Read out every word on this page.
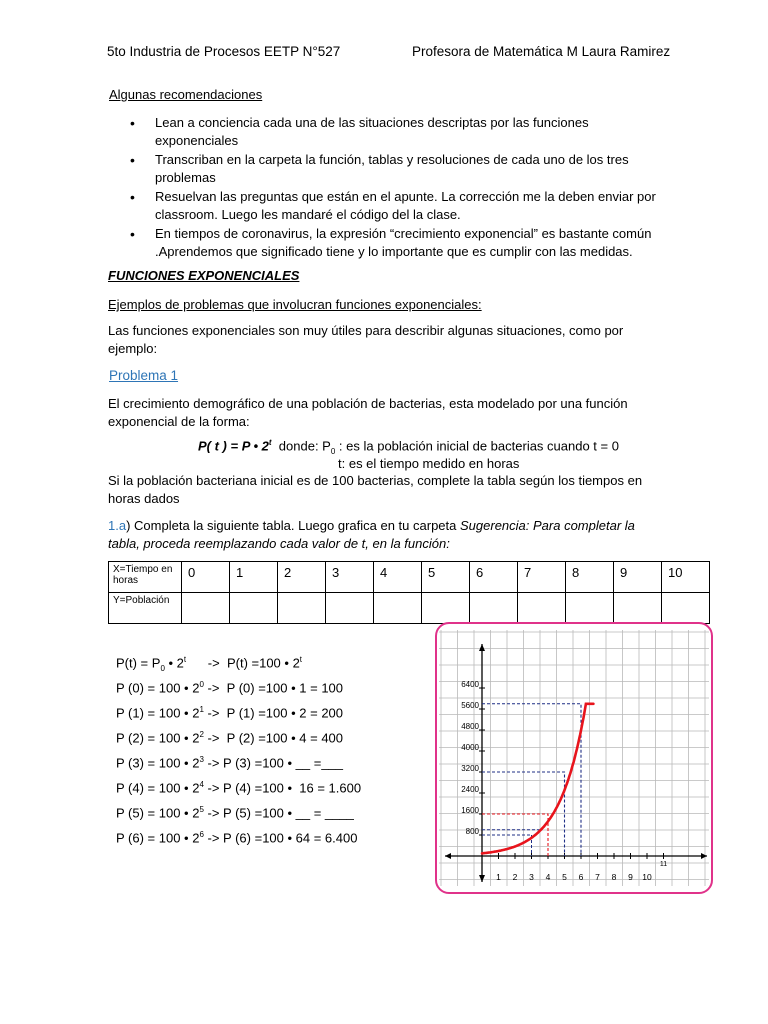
5to Industria de Procesos EETP N°527	Profesora de Matemática M Laura Ramirez
Algunas recomendaciones
• Lean a conciencia cada una de las situaciones descriptas por las funciones exponenciales
• Transcriban en la carpeta la función, tablas y resoluciones de cada uno de los tres problemas
• Resuelvan las preguntas que están en el apunte. La corrección me la deben enviar por classroom. Luego les mandaré el código del la clase.
• En tiempos de coronavirus, la expresión “crecimiento exponencial” es bastante común .Aprendemos que significado tiene y lo importante que es cumplir con las medidas.
FUNCIONES EXPONENCIALES
Ejemplos de problemas que involucran funciones exponenciales:
Las funciones exponenciales son muy útiles para describir algunas situaciones, como por ejemplo:
Problema 1
El crecimiento demográfico de una población de bacterias, esta modelado por una función exponencial de la forma:
P( t ) = P • 2$^t$ donde: $P_0$ : es la población inicial de bacterias cuando t = 0
t: es el tiempo medido en horas
Si la población bacteriana inicial es de 100 bacterias, complete la tabla según los tiempos en horas dados
1.a) Completa la siguiente tabla. Luego grafica en tu carpeta Sugerencia: Para completar la tabla, proceda reemplazando cada valor de t, en la función:
X=Tiempo en horas	0	1	2	3	4	5	6	7	8	9	10
Y=Población											
$P(t) = P_0$ • 2$^t$      ->  P(t) =100 • 2$^t$
P (0) = 100 • $2^0 -> P$ (0) =100 • 1 = 100
P (1) = 100 • $2^1 -> P$ (1) =100 • 2 = 200
P (2) = 100 • $2^2 -> P$ (2) =100 • 4 = 400
P (3) = 100 • $2^3 -> P$ (3) =100 • __ =___
P (4) = 100 • $2^4 -> P$ (4) =100 •  16 = 1.600
P (5) = 100 • $2^5 -> P$ (5) =100 • __ = ____
P (6) = 100 • $2^6 -> P$ (6) =100 • 64 = 6.400	800
1600
2400
3200
4000
4800
5600
6400
1 2 3 4 5 6 7 8 9 10
11
